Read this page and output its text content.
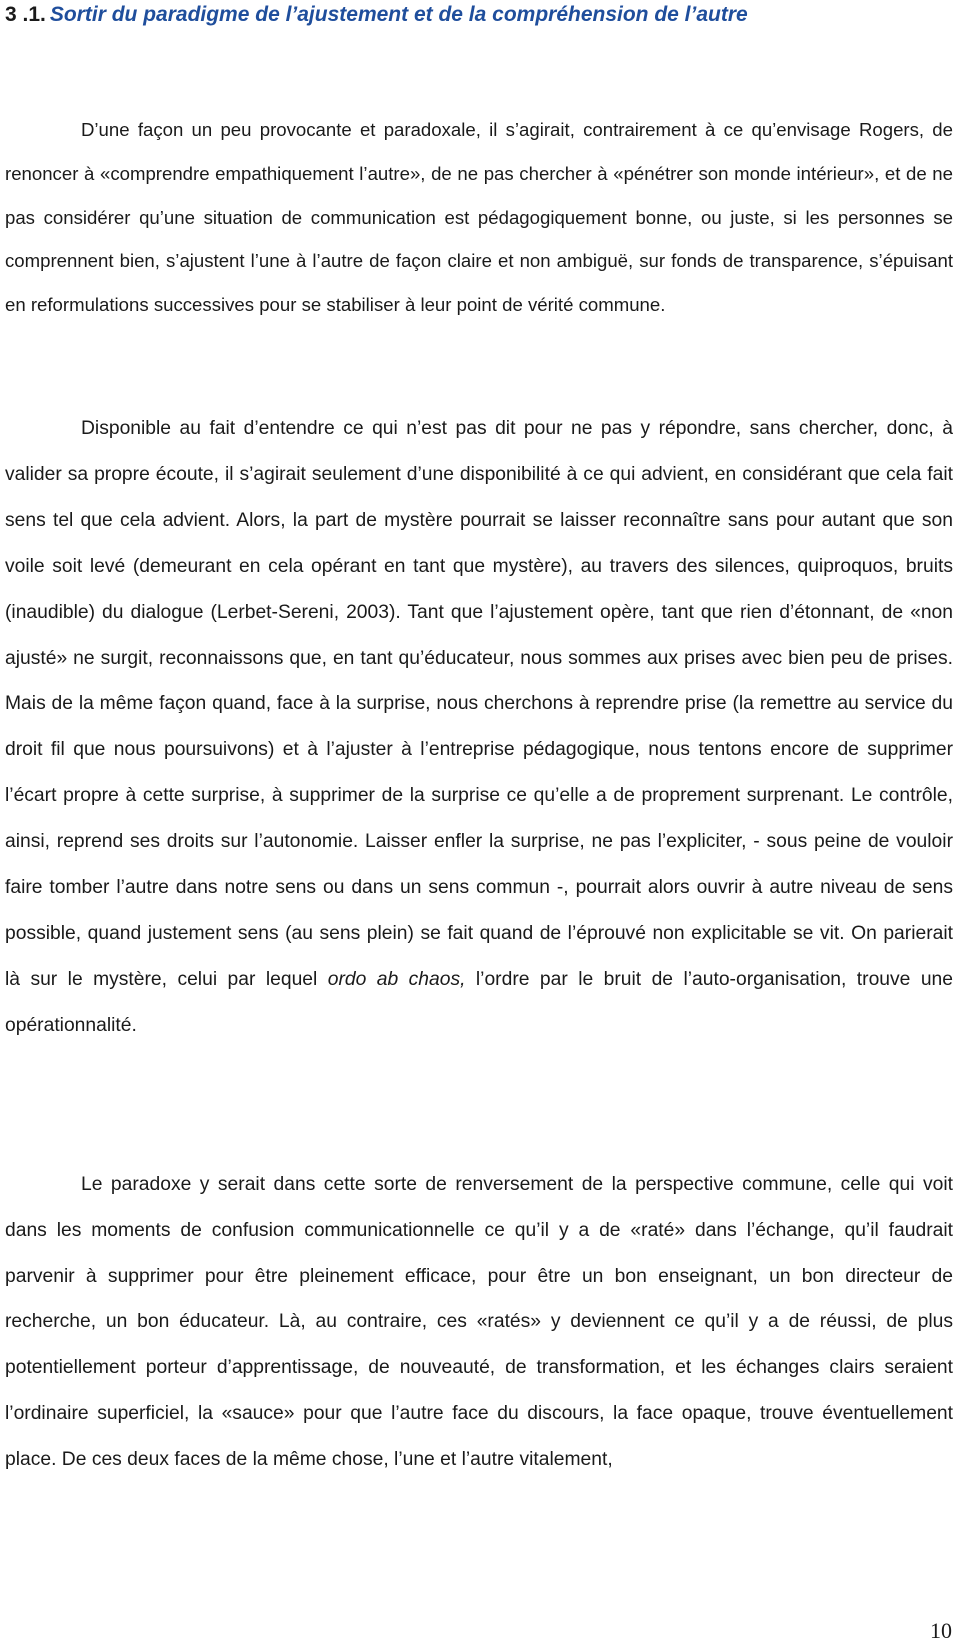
3 .1. Sortir du paradigme de l’ajustement et de la compréhension de l’autre

D’une façon un peu provocante et paradoxale, il s’agirait, contrairement à ce qu’envisage Rogers, de renoncer à «comprendre empathiquement l’autre», de ne pas chercher à «pénétrer son monde intérieur», et de ne pas considérer qu’une situation de communication est pédagogiquement bonne, ou juste, si les personnes se comprennent bien, s’ajustent l’une à l’autre de façon claire et non ambiguë, sur fonds de transparence, s’épuisant en reformulations successives pour se stabiliser à leur point de vérité commune.

Disponible au fait d’entendre ce qui n’est pas dit pour ne pas y répondre, sans chercher, donc, à valider sa propre écoute, il s’agirait seulement d’une disponibilité à ce qui advient, en considérant que cela fait sens tel que cela advient. Alors, la part de mystère pourrait se laisser reconnaître sans pour autant que son voile soit levé (demeurant en cela opérant en tant que mystère), au travers des silences, quiproquos, bruits (inaudible) du dialogue (Lerbet-Sereni, 2003). Tant que l’ajustement opère, tant que rien d’étonnant, de «non ajusté» ne surgit, reconnaissons que, en tant qu’éducateur, nous sommes aux prises avec bien peu de prises. Mais de la même façon quand, face à la surprise, nous cherchons à reprendre prise (la remettre au service du droit fil que nous poursuivons) et à l’ajuster à l’entreprise pédagogique, nous tentons encore de supprimer l’écart propre à cette surprise, à supprimer de la surprise ce qu’elle a de proprement surprenant. Le contrôle, ainsi, reprend ses droits sur l’autonomie. Laisser enfler la surprise, ne pas l’expliciter, - sous peine de vouloir faire tomber l’autre dans notre sens ou dans un sens commun -, pourrait alors ouvrir à autre niveau de sens possible, quand justement sens (au sens plein) se fait quand de l’éprouvé non explicitable se vit. On parierait là sur le mystère, celui par lequel ordo ab chaos, l’ordre par le bruit de l’auto-organisation, trouve une opérationnalité.

Le paradoxe y serait dans cette sorte de renversement de la perspective commune, celle qui voit dans les moments de confusion communicationnelle ce qu’il y a de «raté» dans l’échange, qu’il faudrait parvenir à supprimer pour être pleinement efficace, pour être un bon enseignant, un bon directeur de recherche, un bon éducateur. Là, au contraire, ces «ratés» y deviennent ce qu’il y a de réussi, de plus potentiellement porteur d’apprentissage, de nouveauté, de transformation, et les échanges clairs seraient l’ordinaire superficiel, la «sauce» pour que l’autre face du discours, la face opaque, trouve éventuellement place. De ces deux faces de la même chose, l’une et l’autre vitalement,

10
